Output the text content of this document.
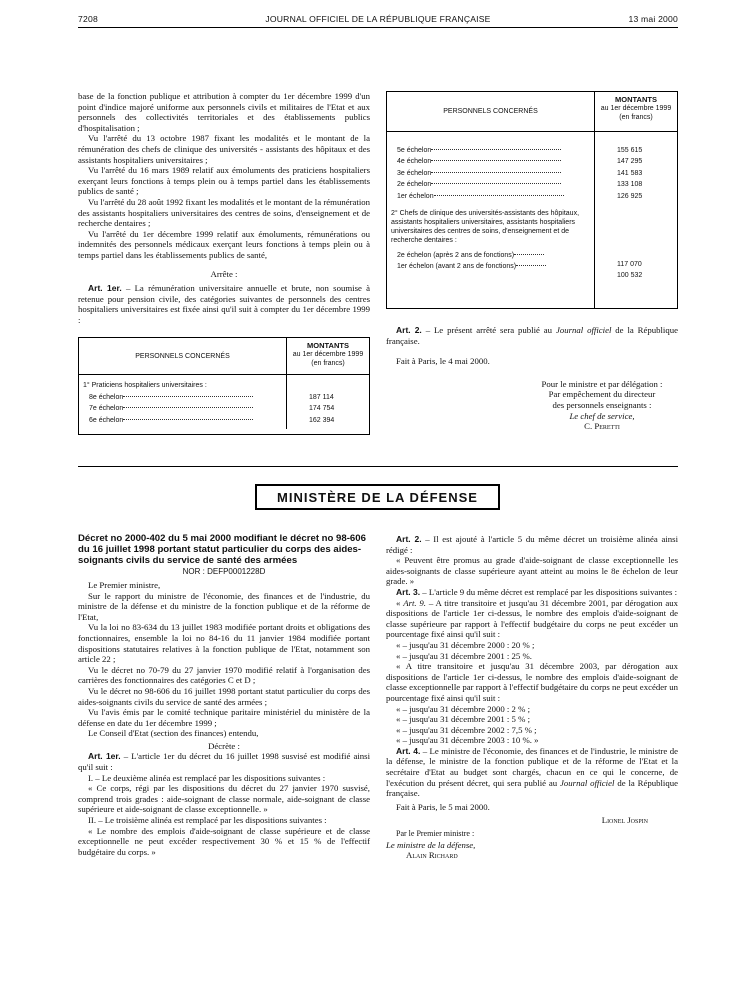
7208	JOURNAL OFFICIEL DE LA RÉPUBLIQUE FRANÇAISE	13 mai 2000

base de la fonction publique et attribution à compter du 1er décembre 1999 d'un point d'indice majoré uniforme aux personnels civils et militaires de l'Etat et aux personnels des collectivités territoriales et des établissements publics d'hospitalisation ;

Vu l'arrêté du 13 octobre 1987 fixant les modalités et le montant de la rémunération des chefs de clinique des universités - assistants des hôpitaux et des assistants hospitaliers universitaires ;

Vu l'arrêté du 16 mars 1989 relatif aux émoluments des praticiens hospitaliers exerçant leurs fonctions à temps plein ou à temps partiel dans les établissements publics de santé ;

Vu l'arrêté du 28 août 1992 fixant les modalités et le montant de la rémunération des assistants hospitaliers universitaires des centres de soins, d'enseignement et de recherche dentaires ;

Vu l'arrêté du 1er décembre 1999 relatif aux émoluments, rémunérations ou indemnités des personnels médicaux exerçant leurs fonctions à temps plein ou à temps partiel dans les établissements publics de santé,

Arrête :

Art. 1er. – La rémunération universitaire annuelle et brute, non soumise à retenue pour pension civile, des catégories suivantes de personnels des centres hospitaliers universitaires est fixée ainsi qu'il suit à compter du 1er décembre 1999 :

PERSONNELS CONCERNÉS
MONTANTS
au 1er décembre 1999
(en francs)
1° Praticiens hospitaliers universitaires :
8e échelon
7e échelon
6e échelon

187 114
174 754
162 394
PERSONNELS CONCERNÉS
MONTANTS
au 1er décembre 1999
(en francs)
5e échelon
4e échelon
3e échelon
2e échelon
1er échelon
2° Chefs de clinique des universités-assistants des hôpitaux, assistants hospitaliers universitaires, assistants hospitaliers universitaires des centres de soins, d'enseignement et de recherche dentaires :
2e échelon (après 2 ans de fonctions)
1er échelon (avant 2 ans de fonctions)
155 615
147 295
141 583
133 108
126 925
117 070
100 532

Art. 2. – Le présent arrêté sera publié au Journal officiel de la République française.

Fait à Paris, le 4 mai 2000.

Pour le ministre et par délégation :
Par empêchement du directeur
des personnels enseignants :
Le chef de service,
C. Peretti
MINISTÈRE DE LA DÉFENSE
Décret no 2000-402 du 5 mai 2000 modifiant le décret no 98-606 du 16 juillet 1998 portant statut particulier du corps des aides-soignants civils du service de santé des armées
NOR : DEFP0001228D

Le Premier ministre,

Sur le rapport du ministre de l'économie, des finances et de l'industrie, du ministre de la défense et du ministre de la fonction publique et de la réforme de l'Etat,

Vu la loi no 83-634 du 13 juillet 1983 modifiée portant droits et obligations des fonctionnaires, ensemble la loi no 84-16 du 11 janvier 1984 modifiée portant dispositions statutaires relatives à la fonction publique de l'Etat, notamment son article 22 ;

Vu le décret no 70-79 du 27 janvier 1970 modifié relatif à l'organisation des carrières des fonctionnaires des catégories C et D ;

Vu le décret no 98-606 du 16 juillet 1998 portant statut particulier du corps des aides-soignants civils du service de santé des armées ;

Vu l'avis émis par le comité technique paritaire ministériel du ministère de la défense en date du 1er décembre 1999 ;

Le Conseil d'Etat (section des finances) entendu,

Décrète :

Art. 1er. – L'article 1er du décret du 16 juillet 1998 susvisé est modifié ainsi qu'il suit :

I. – Le deuxième alinéa est remplacé par les dispositions suivantes :

« Ce corps, régi par les dispositions du décret du 27 janvier 1970 susvisé, comprend trois grades : aide-soignant de classe normale, aide-soignant de classe supérieure et aide-soignant de classe exceptionnelle. »

II. – Le troisième alinéa est remplacé par les dispositions suivantes :

« Le nombre des emplois d'aide-soignant de classe supérieure et de classe exceptionnelle ne peut excéder respectivement 30 % et 15 % de l'effectif budgétaire du corps. »

Art. 2. – Il est ajouté à l'article 5 du même décret un troisième alinéa ainsi rédigé :

« Peuvent être promus au grade d'aide-soignant de classe exceptionnelle les aides-soignants de classe supérieure ayant atteint au moins le 8e échelon de leur grade. »

Art. 3. – L'article 9 du même décret est remplacé par les dispositions suivantes :

« Art. 9. – A titre transitoire et jusqu'au 31 décembre 2001, par dérogation aux dispositions de l'article 1er ci-dessus, le nombre des emplois d'aide-soignant de classe supérieure par rapport à l'effectif budgétaire du corps ne peut excéder un pourcentage fixé ainsi qu'il suit :

« – jusqu'au 31 décembre 2000 : 20 % ;

« – jusqu'au 31 décembre 2001 : 25 %.

« A titre transitoire et jusqu'au 31 décembre 2003, par dérogation aux dispositions de l'article 1er ci-dessus, le nombre des emplois d'aide-soignant de classe exceptionnelle par rapport à l'effectif budgétaire du corps ne peut excéder un pourcentage fixé ainsi qu'il suit :

« – jusqu'au 31 décembre 2000 : 2 % ;

« – jusqu'au 31 décembre 2001 : 5 % ;

« – jusqu'au 31 décembre 2002 : 7,5 % ;

« – jusqu'au 31 décembre 2003 : 10 %. »

Art. 4. – Le ministre de l'économie, des finances et de l'industrie, le ministre de la défense, le ministre de la fonction publique et de la réforme de l'Etat et la secrétaire d'Etat au budget sont chargés, chacun en ce qui le concerne, de l'exécution du présent décret, qui sera publié au Journal officiel de la République française.

Fait à Paris, le 5 mai 2000.

Lionel Jospin

Par le Premier ministre :

Le ministre de la défense,

Alain Richard
